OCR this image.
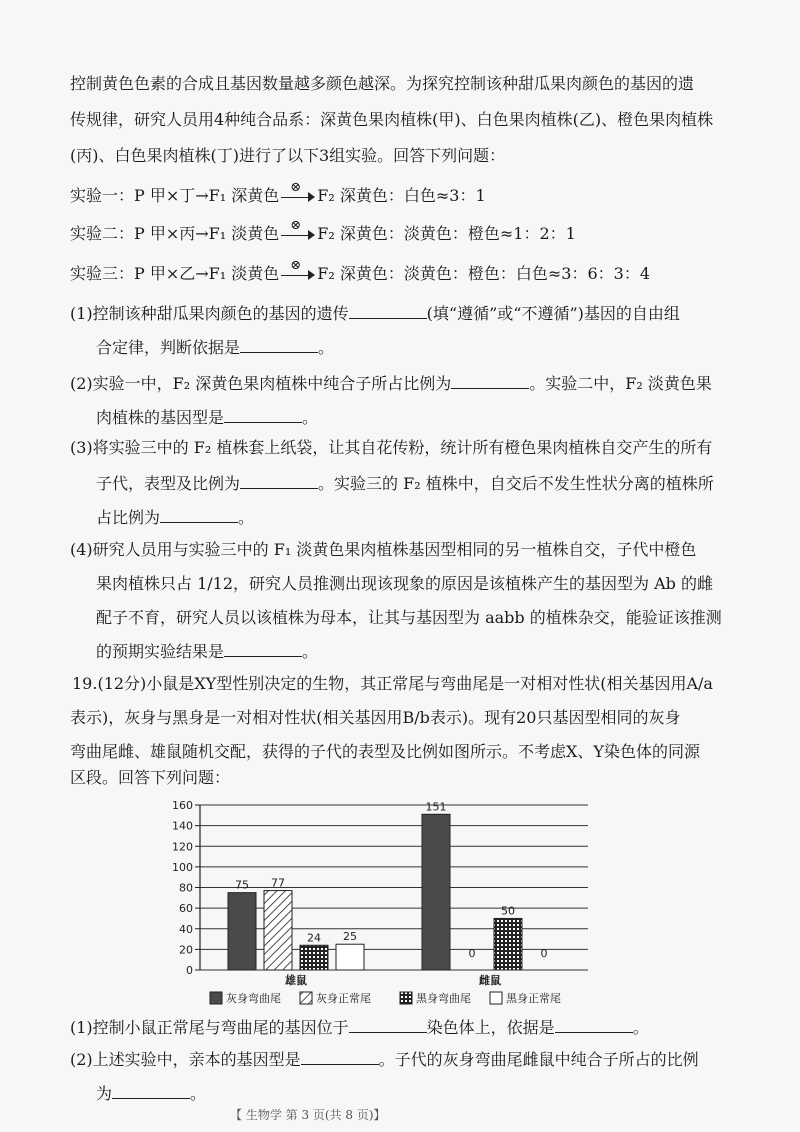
控制黄色色素的合成且基因数量越多颜色越深。为探究控制该种甜瓜果肉颜色的基因的遗
传规律，研究人员用4种纯合品系：深黄色果肉植株(甲)、白色果肉植株(乙)、橙色果肉植株
(丙)、白色果肉植株(丁)进行了以下3组实验。回答下列问题：
实验一：P 甲×丁→F₁ 深黄色 ⊗ F₂ 深黄色：白色≈3：1
实验二：P 甲×丙→F₁ 淡黄色 ⊗ F₂ 深黄色：淡黄色：橙色≈1：2：1
实验三：P 甲×乙→F₁ 淡黄色 ⊗ F₂ 深黄色：淡黄色：橙色：白色≈3：6：3：4
(1)控制该种甜瓜果肉颜色的基因的遗传	(填“遵循”或“不遵循”)基因的自由组
合定律，判断依据是	。
(2)实验一中，F₂ 深黄色果肉植株中纯合子所占比例为	。实验二中，F₂ 淡黄色果
肉植株的基因型是	。
(3)将实验三中的 F₂ 植株套上纸袋，让其自花传粉，统计所有橙色果肉植株自交产生的所有
子代，表型及比例为	。实验三的 F₂ 植株中，自交后不发生性状分离的植株所
占比例为	。
(4)研究人员用与实验三中的 F₁ 淡黄色果肉植株基因型相同的另一植株自交，子代中橙色
果肉植株只占 1/12，研究人员推测出现该现象的原因是该植株产生的基因型为 Ab 的雌
配子不育，研究人员以该植株为母本，让其与基因型为 aabb 的植株杂交，能验证该推测
的预期实验结果是	。
19.(12分)小鼠是XY型性别决定的生物，其正常尾与弯曲尾是一对相对性状(相关基因用A/a
表示)，灰身与黑身是一对相对性状(相关基因用B/b表示)。现有20只基因型相同的灰身
弯曲尾雌、雄鼠随机交配，获得的子代的表型及比例如图所示。不考虑X、Y染色体的同源
区段。回答下列问题：
160
140
120
100
80
60
40
20
0
75 77
24 25
雄鼠
151
0
50
0
雌鼠
灰身弯曲尾	灰身正常尾	黑身弯曲尾	黑身正常尾
(1)控制小鼠正常尾与弯曲尾的基因位于	染色体上，依据是	。
(2)上述实验中，亲本的基因型是	。子代的灰身弯曲尾雌鼠中纯合子所占的比例
为	。
【 生物学 第 3 页(共 8 页)】
